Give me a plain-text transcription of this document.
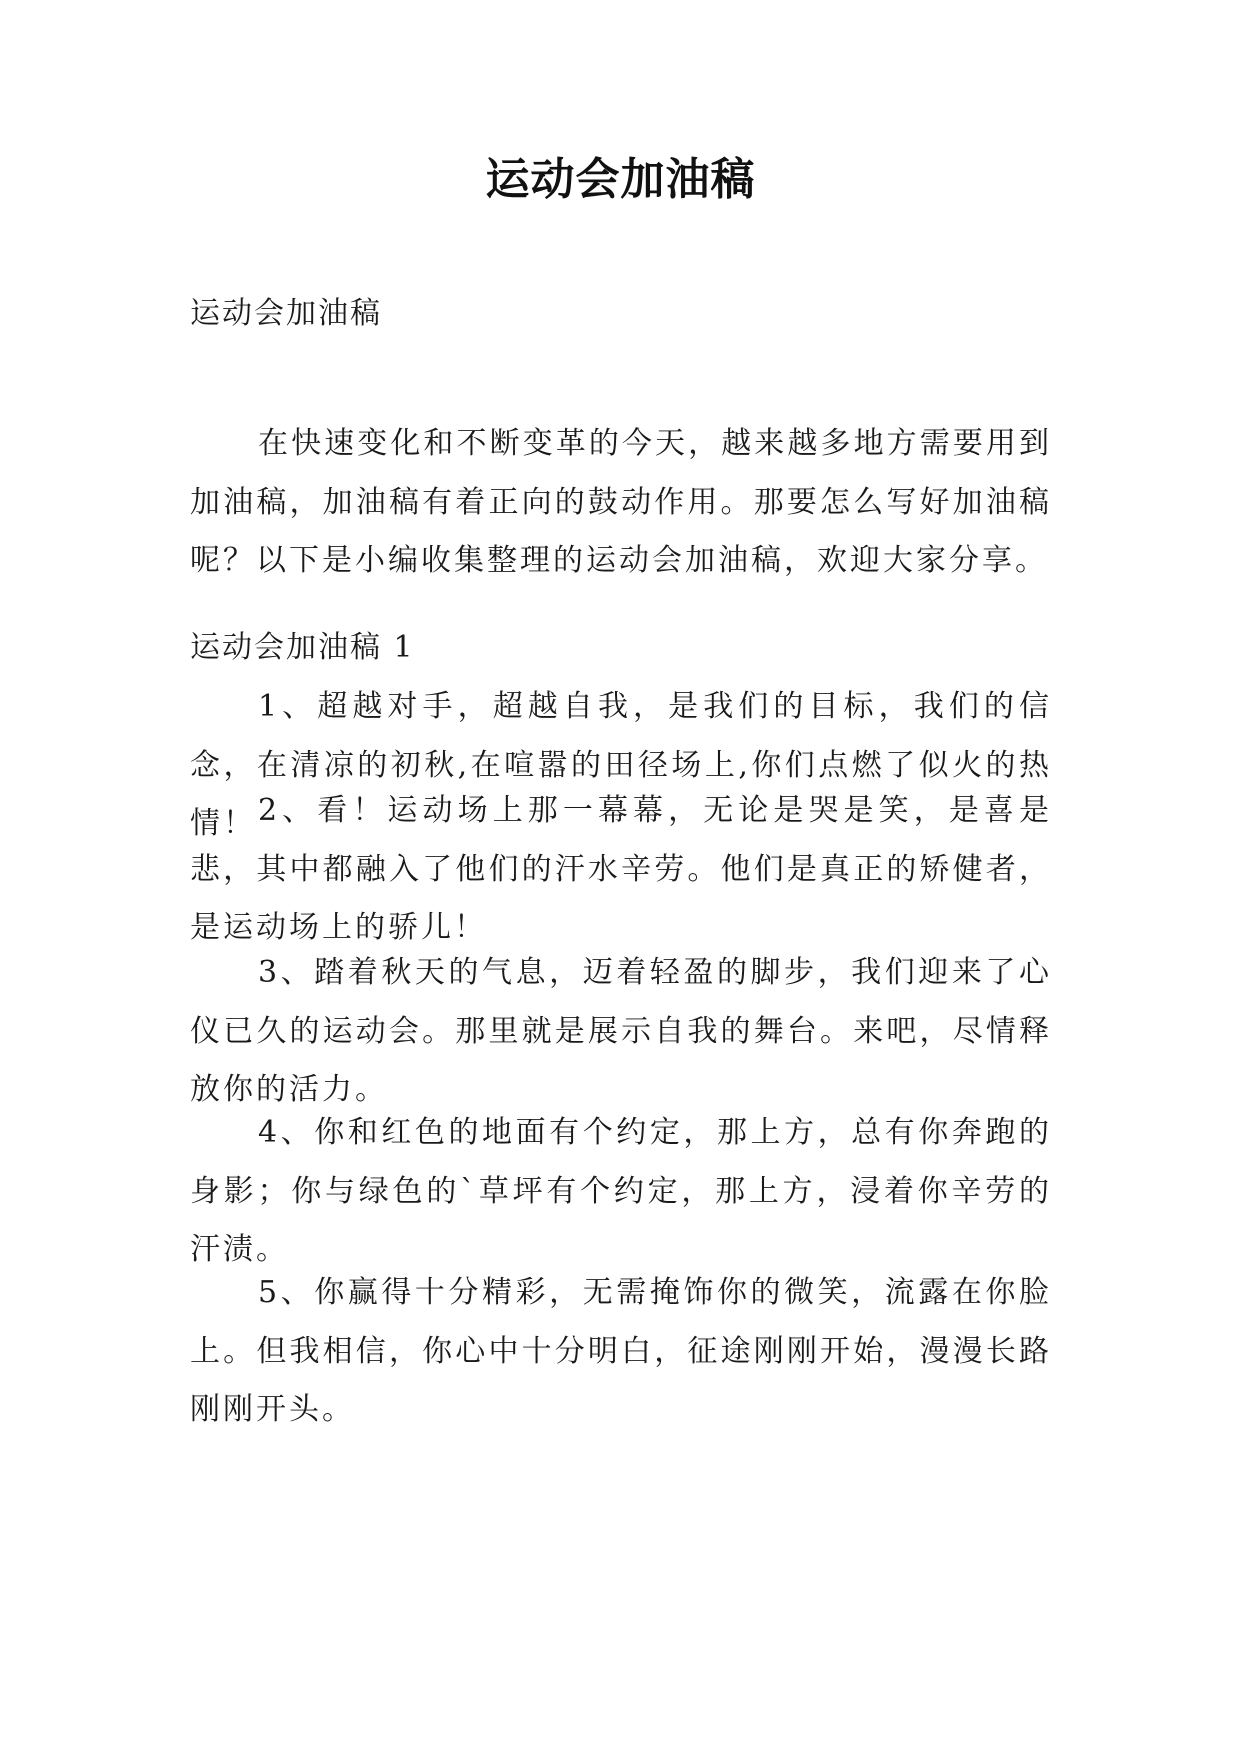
运动会加油稿
运动会加油稿

在快速变化和不断变革的今天，越来越多地方需要用到加油稿，加油稿有着正向的鼓动作用。那要怎么写好加油稿呢？以下是小编收集整理的运动会加油稿，欢迎大家分享。

运动会加油稿 1

1、超越对手，超越自我，是我们的目标，我们的信念，在清凉的初秋,在喧嚣的田径场上,你们点燃了似火的热情！ 2、看！运动场上那一幕幕，无论是哭是笑，是喜是悲，其中都融入了他们的汗水辛劳。他们是真正的矫健者，是运动场上的骄儿！

3、踏着秋天的气息，迈着轻盈的脚步，我们迎来了心仪已久的运动会。那里就是展示自我的舞台。来吧，尽情释放你的活力。

4、你和红色的地面有个约定，那上方，总有你奔跑的身影；你与绿色的`草坪有个约定，那上方，浸着你辛劳的汗渍。

5、你赢得十分精彩，无需掩饰你的微笑，流露在你脸上。但我相信，你心中十分明白，征途刚刚开始，漫漫长路刚刚开头。
